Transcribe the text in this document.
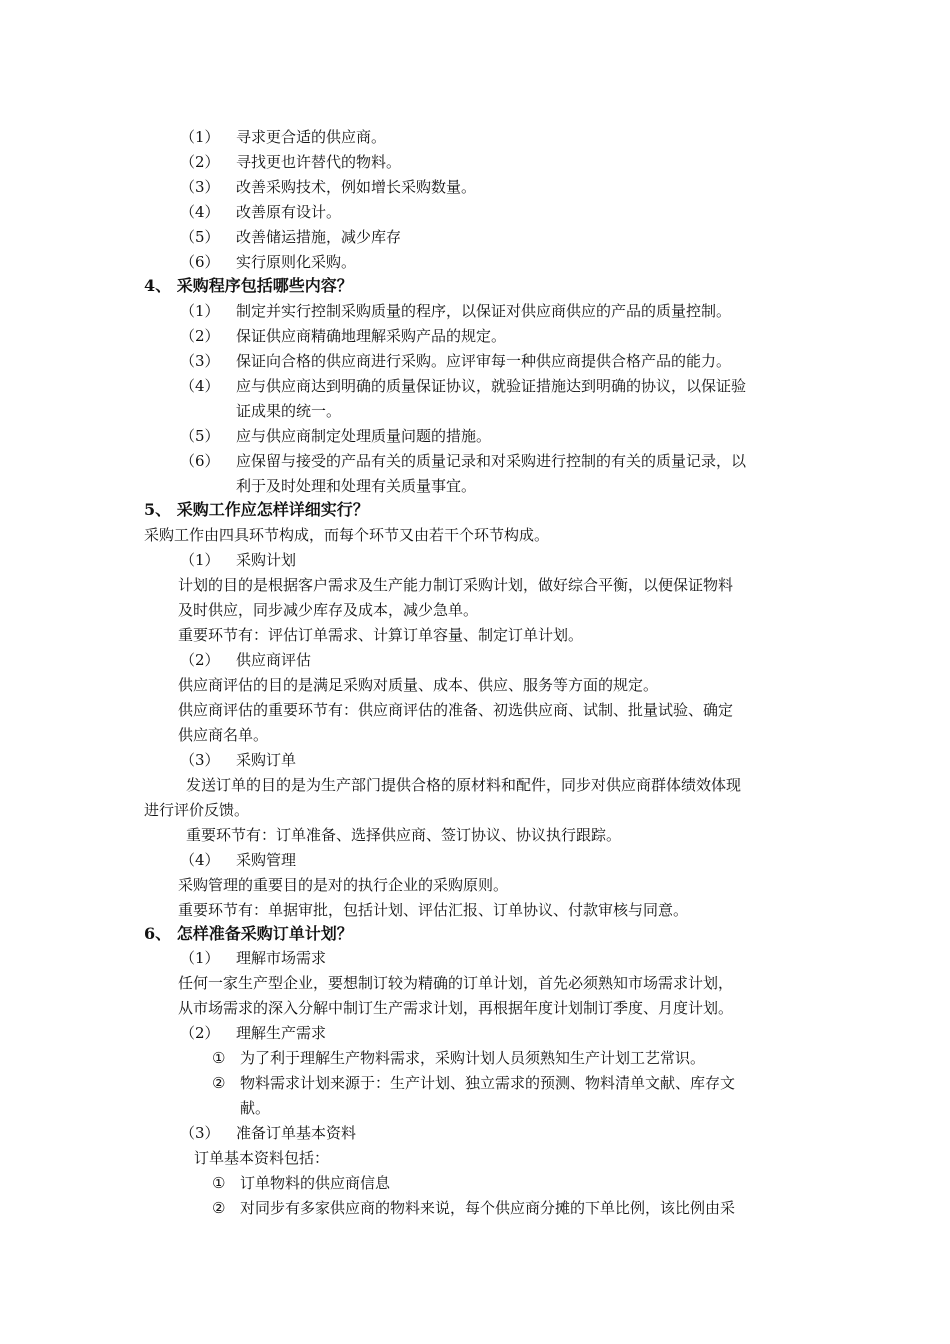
（1） 寻求更合适的供应商。
（2） 寻找更也许替代的物料。
（3） 改善采购技术，例如增长采购数量。
（4） 改善原有设计。
（5） 改善储运措施，减少库存
（6） 实行原则化采购。
4、 采购程序包括哪些内容？
（1） 制定并实行控制采购质量的程序，以保证对供应商供应的产品的质量控制。
（2） 保证供应商精确地理解采购产品的规定。
（3） 保证向合格的供应商进行采购。应评审每一种供应商提供合格产品的能力。
（4） 应与供应商达到明确的质量保证协议，就验证措施达到明确的协议，以保证验
证成果的统一。
（5） 应与供应商制定处理质量问题的措施。
（6） 应保留与接受的产品有关的质量记录和对采购进行控制的有关的质量记录，以
利于及时处理和处理有关质量事宜。
5、 采购工作应怎样详细实行？
采购工作由四具环节构成，而每个环节又由若干个环节构成。
（1） 采购计划
计划的目的是根据客户需求及生产能力制订采购计划，做好综合平衡，以便保证物料
及时供应，同步减少库存及成本，减少急单。
重要环节有：评估订单需求、计算订单容量、制定订单计划。
（2） 供应商评估
供应商评估的目的是满足采购对质量、成本、供应、服务等方面的规定。
供应商评估的重要环节有：供应商评估的准备、初选供应商、试制、批量试验、确定
供应商名单。
（3） 采购订单
发送订单的目的是为生产部门提供合格的原材料和配件，同步对供应商群体绩效体现
进行评价反馈。
重要环节有：订单准备、选择供应商、签订协议、协议执行跟踪。
（4） 采购管理
采购管理的重要目的是对的执行企业的采购原则。
重要环节有：单据审批，包括计划、评估汇报、订单协议、付款审核与同意。
6、 怎样准备采购订单计划？
（1） 理解市场需求
任何一家生产型企业，要想制订较为精确的订单计划，首先必须熟知市场需求计划，
从市场需求的深入分解中制订生产需求计划，再根据年度计划制订季度、月度计划。
（2） 理解生产需求
① 为了利于理解生产物料需求，采购计划人员须熟知生产计划工艺常识。
② 物料需求计划来源于：生产计划、独立需求的预测、物料清单文献、库存文
献。
（3） 准备订单基本资料
订单基本资料包括：
① 订单物料的供应商信息
② 对同步有多家供应商的物料来说，每个供应商分摊的下单比例，该比例由采
